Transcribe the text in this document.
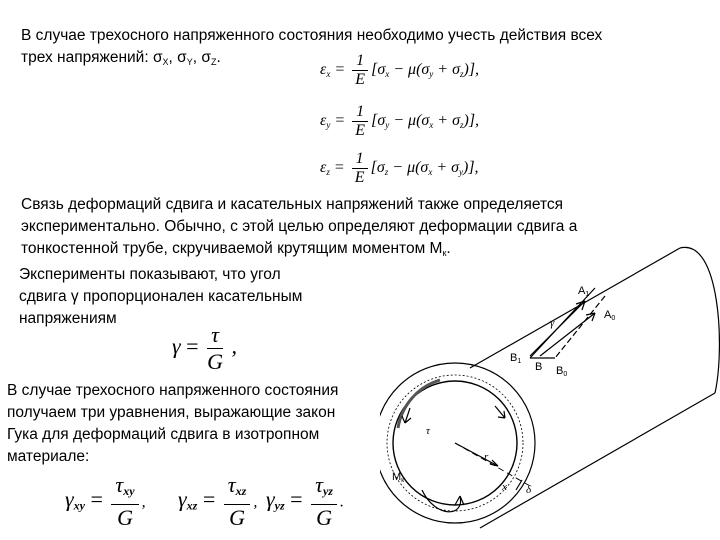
В случае трехосного напряженного состояния необходимо учесть действия всех
трех напряжений: $\sigma_X$, $\sigma_Y$, $\sigma_Z$.
$\varepsilon_x = \frac{1}{E} [\sigma_x - \mu(\sigma_y + \sigma_z)]$,
$\varepsilon_y = \frac{1}{E} [\sigma_y - \mu(\sigma_x + \sigma_z)]$,
$\varepsilon_z = \frac{1}{E} [\sigma_z - \mu(\sigma_x + \sigma_y)]$,
Связь деформаций сдвига и касательных напряжений также определяется
экспериментально. Обычно, с этой целью определяют деформации сдвига а
тонкостенной трубе, скручиваемой крутящим моментом $М_к$.
Эксперименты показывают, что угол
сдвига γ пропорционален касательным
напряжениям
$\gamma = \frac{\tau}{G}$ ,
В случае трехосного напряженного состояния
получаем три уравнения, выражающие закон
Гука для деформаций сдвига в изотропном
материале:
$\gamma_{xy} = \frac{\tau_{xy}}{G}$ , $\gamma_{xz} = \frac{\tau_{xz}}{G}$ , $\gamma_{yz} = \frac{\tau_{yz}}{G}$ .
A1
A0
γ
B1 B B0
τ
r
Mк
x δ
